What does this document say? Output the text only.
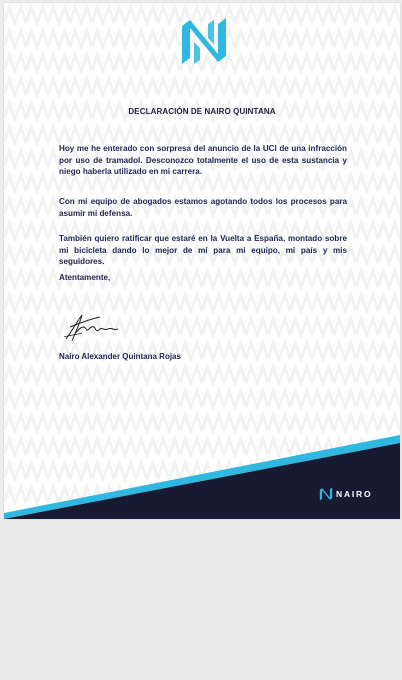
DECLARACIÓN DE NAIRO QUINTANA
Hoy me he enterado con sorpresa del anuncio de la UCI de una infracción por uso de tramadol. Desconozco totalmente el uso de esta sustancia y niego haberla utilizado en mi carrera.
Con mi equipo de abogados estamos agotando todos los procesos para asumir mi defensa.
También quiero ratificar que estaré en la Vuelta a España, montado sobre mi bicicleta dando lo mejor de mí para mi equipo, mi país y mis seguidores.
Atentamente,
Nairo Alexander Quintana Rojas
NAIRO
